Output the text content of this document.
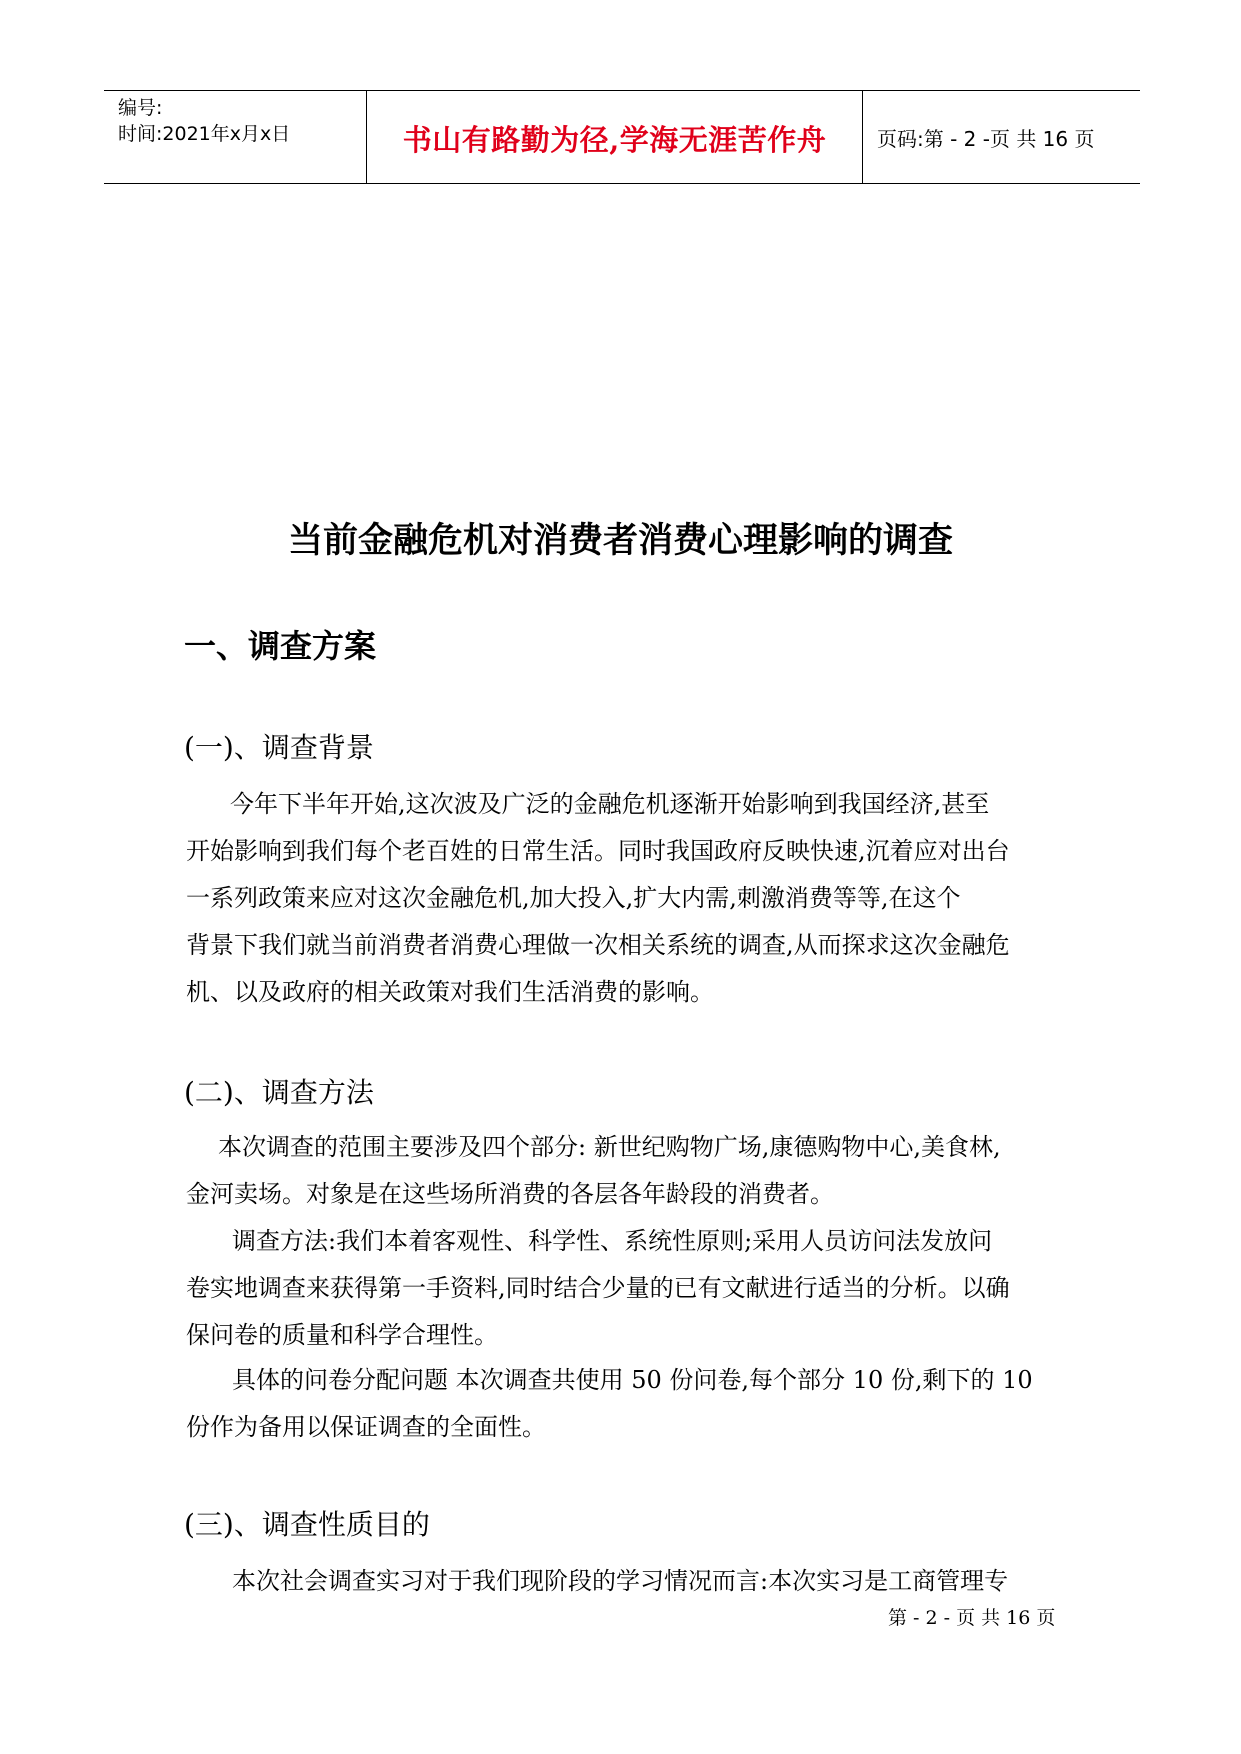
编号:
时间:2021年x月x日	书山有路勤为径,学海无涯苦作舟	页码:第 - 2 -页 共 16 页
当前金融危机对消费者消费心理影响的调查
一、调查方案
(一)、调查背景
今年下半年开始,这次波及广泛的金融危机逐渐开始影响到我国经济,甚至
开始影响到我们每个老百姓的日常生活。同时我国政府反映快速,沉着应对出台
一系列政策来应对这次金融危机,加大投入,扩大内需,刺激消费等等,在这个
背景下我们就当前消费者消费心理做一次相关系统的调查,从而探求这次金融危
机、以及政府的相关政策对我们生活消费的影响。
(二)、调查方法
本次调查的范围主要涉及四个部分: 新世纪购物广场,康德购物中心,美食林,
金河卖场。对象是在这些场所消费的各层各年龄段的消费者。
调查方法:我们本着客观性、科学性、系统性原则;采用人员访问法发放问
卷实地调查来获得第一手资料,同时结合少量的已有文献进行适当的分析。以确
保问卷的质量和科学合理性。
具体的问卷分配问题 本次调查共使用 50 份问卷,每个部分 10 份,剩下的 10
份作为备用以保证调查的全面性。
(三)、调查性质目的
本次社会调查实习对于我们现阶段的学习情况而言:本次实习是工商管理专
第 - 2 - 页 共 16 页
